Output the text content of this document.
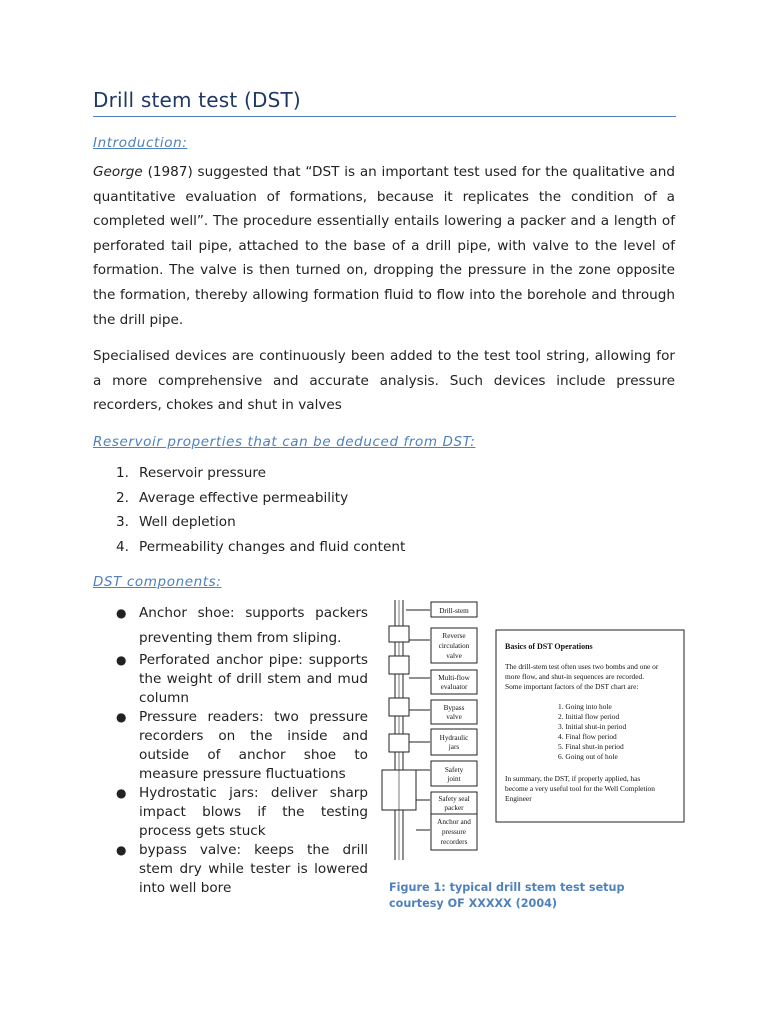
Drill stem test (DST)
Introduction:

George (1987) suggested that “DST is an important test used for the qualitative and quantitative evaluation of formations, because it replicates the condition of a completed well”. The procedure essentially entails lowering a packer and a length of perforated tail pipe, attached to the base of a drill pipe, with valve to the level of formation. The valve is then turned on, dropping the pressure in the zone opposite the formation, thereby allowing formation fluid to flow into the borehole and through the drill pipe.

Specialised devices are continuously been added to the test tool string, allowing for a more comprehensive and accurate analysis. Such devices include pressure recorders, chokes and shut in valves

Reservoir properties that can be deduced from DST:
1. Reservoir pressure
2. Average effective permeability
3. Well depletion
4. Permeability changes and fluid content
DST components:
● Anchor shoe: supports packers preventing them from sliping.
● Perforated anchor pipe: supports the weight of drill stem and mud column
● Pressure readers: two pressure recorders on the inside and outside of anchor shoe to measure pressure fluctuations
● Hydrostatic jars: deliver sharp impact blows if the testing process gets stuck
● bypass valve: keeps the drill stem dry while tester is lowered into well bore
Drill-stem
Reverse
circulation
valve
Multi-flow
evaluator
Bypass
valve
Hydraulic
jars
Safety
joint
Safety seal
packer
Anchor and
pressure
recorders
Basics of DST Operations
The drill-stem test often uses two bombs and one or
more flow, and shut-in sequences are recorded.
Some important factors of the DST chart are:
1. Going into hole
2. Initial flow period
3. Initial shut-in period
4. Final flow period
5. Final shut-in period
6. Going out of hole
In summary, the DST, if properly applied, has
become a very useful tool for the Well Completion
Engineer
Figure 1: typical drill stem test setup
courtesy OF XXXXX (2004)
